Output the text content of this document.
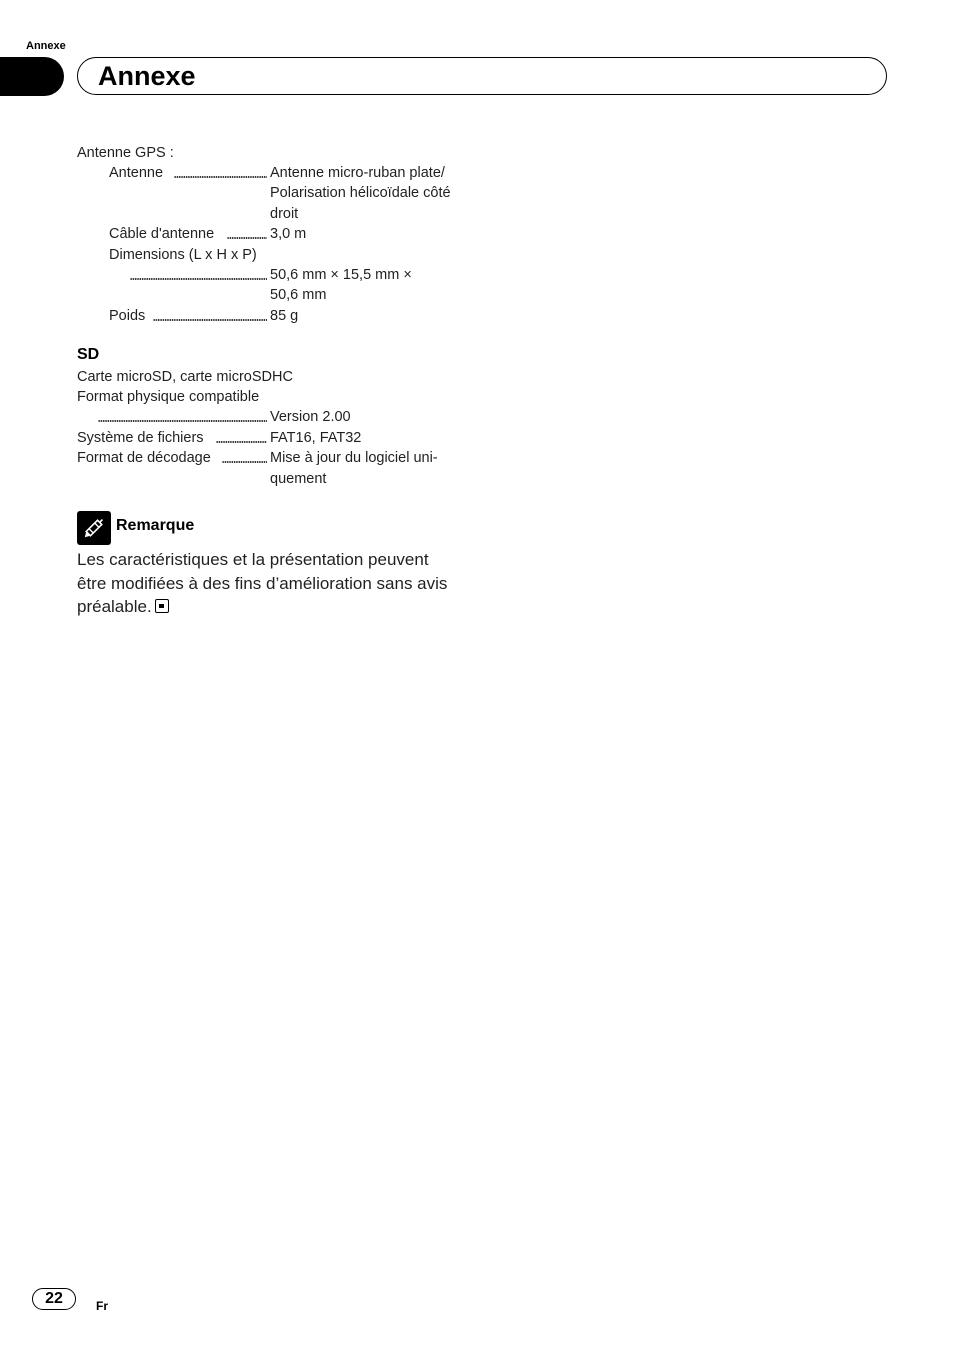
Annexe
Annexe
Antenne GPS :
Antenne	Antenne micro-ruban plate/
Polarisation hélicoïdale côté
droit
Câble d'antenne	3,0 m
Dimensions (L x H x P)
50,6 mm × 15,5 mm ×
50,6 mm
Poids	85 g
SD
Carte microSD, carte microSDHC
Format physique compatible
Version 2.00
Système de fichiers	FAT16, FAT32
Format de décodage	Mise à jour du logiciel uni-
quement
Remarque
Les caractéristiques et la présentation peuvent
être modifiées à des fins d’amélioration sans avis
préalable.
22	Fr
